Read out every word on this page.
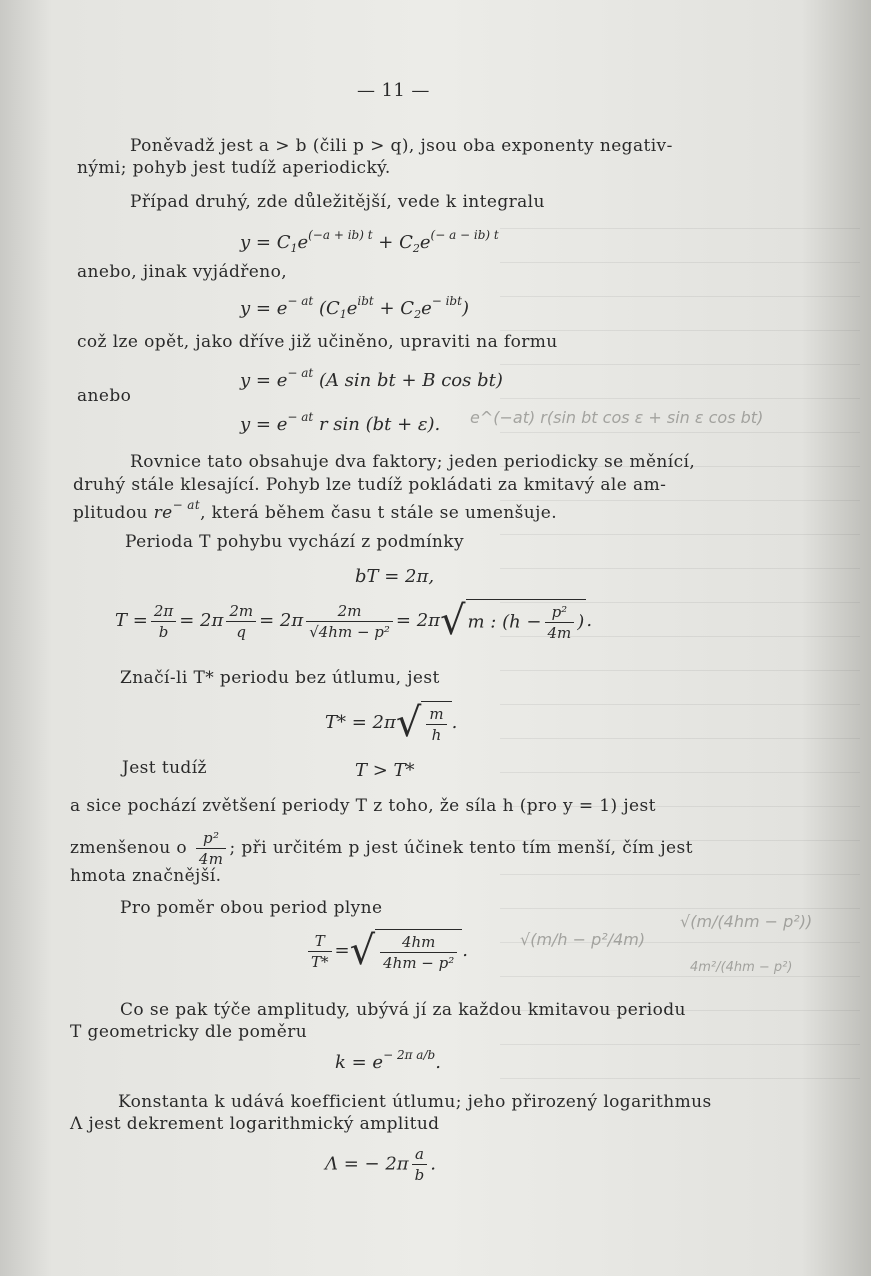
— 11 —
Poněvadž jest a > b (čili p > q), jsou oba exponenty negativ-
nými; pohyb jest tudíž aperiodický.
Případ druhý, zde důležitější, vede k integralu
$y = C_1e^{(-a + ib) t} + C_2e^{(- a - ib) t}$
anebo, jinak vyjádřeno,
$y = e^{- at}$ $(C_1e^{ibt} + C_2e^{- ibt})$
což lze opět, jako dříve již učiněno, upraviti na formu
$y = e^{- at}$ (A sin bt + B cos bt)
anebo
$y = e^{- at}$ r sin (bt + ε). e^(−at) r(sin bt cos ε + sin ε cos bt)
Rovnice tato obsahuje dva faktory; jeden periodicky se měnící,
druhý stále klesající. Pohyb lze tudíž pokládati za kmitavý ale am-
plitudou $re^{- at}$, která během času t stále se umenšuje.
Perioda T pohybu vychází z podmínky
bT = 2π,
$T = \frac{2\pi}{b} = 2\pi \frac{2m}{q} = 2\pi \frac{2m}{\text{√4hm − p²}} = 2\pi√$ m : ($h - \frac{\text{p²}}{4m}$ ) .
Značí-li T* periodu bez útlumu, jest
$T* = 2\pi√ \frac{m}{h}$ .
Jest tudíž	T > T*
a sice pochází zvětšení periody T z toho, že síla h (pro y = 1) jest
zmenšenou o $\frac{\text{p²}}{4m}$ ; při určitém p jest účinek tento tím menší, čím jest
hmota značnější.
Pro poměr obou period plyne
$\frac{T}{T*}$ =√ $\frac{4hm}{\text{4hm − p²}}$ .
√(m/h − p²/4m)
√(m/(4hm − p²))
4m²/(4hm − p²)
Co se pak týče amplitudy, ubývá jí za každou kmitavou periodu
T geometricky dle poměru
$k = e^{- 2\pi a/b}$.
Konstanta k udává koefficient útlumu; jeho přirozený logarithmus
Λ jest dekrement logarithmický amplitud
Λ = − $2\pi \frac{a}{b}$ .
